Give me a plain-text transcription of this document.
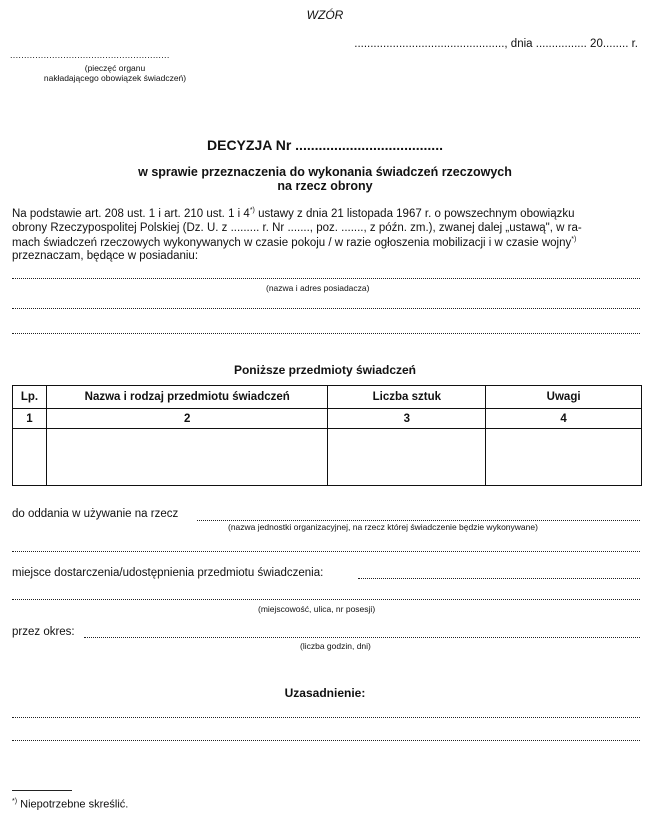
WZÓR
..............................................., dnia ................ 20........ r.
.........................................................
(pieczęć organu
nakładającego obowiązek świadczeń)
DECYZJA Nr ......................................
w sprawie przeznaczenia do wykonania świadczeń rzeczowych
na rzecz obrony
Na podstawie art. 208 ust. 1 i art. 210 ust. 1 i 4*) ustawy z dnia 21 listopada 1967 r. o powszechnym obowiązku
obrony Rzeczypospolitej Polskiej (Dz. U. z ......... r. Nr ......., poz. ......., z późn. zm.), zwanej dalej „ustawą", w ra-
mach świadczeń rzeczowych wykonywanych w czasie pokoju / w razie ogłoszenia mobilizacji i w czasie wojny*)
przeznaczam, będące w posiadaniu:
(nazwa i adres posiadacza)
Poniższe przedmioty świadczeń
Lp.	Nazwa i rodzaj przedmiotu świadczeń	Liczba sztuk	Uwagi
1	2	3	4

do oddania w używanie na rzecz
(nazwa jednostki organizacyjnej, na rzecz której świadczenie będzie wykonywane)
miejsce dostarczenia/udostępnienia przedmiotu świadczenia:
(miejscowość, ulica, nr posesji)
przez okres:
(liczba godzin, dni)
Uzasadnienie:
*) Niepotrzebne skreślić.
